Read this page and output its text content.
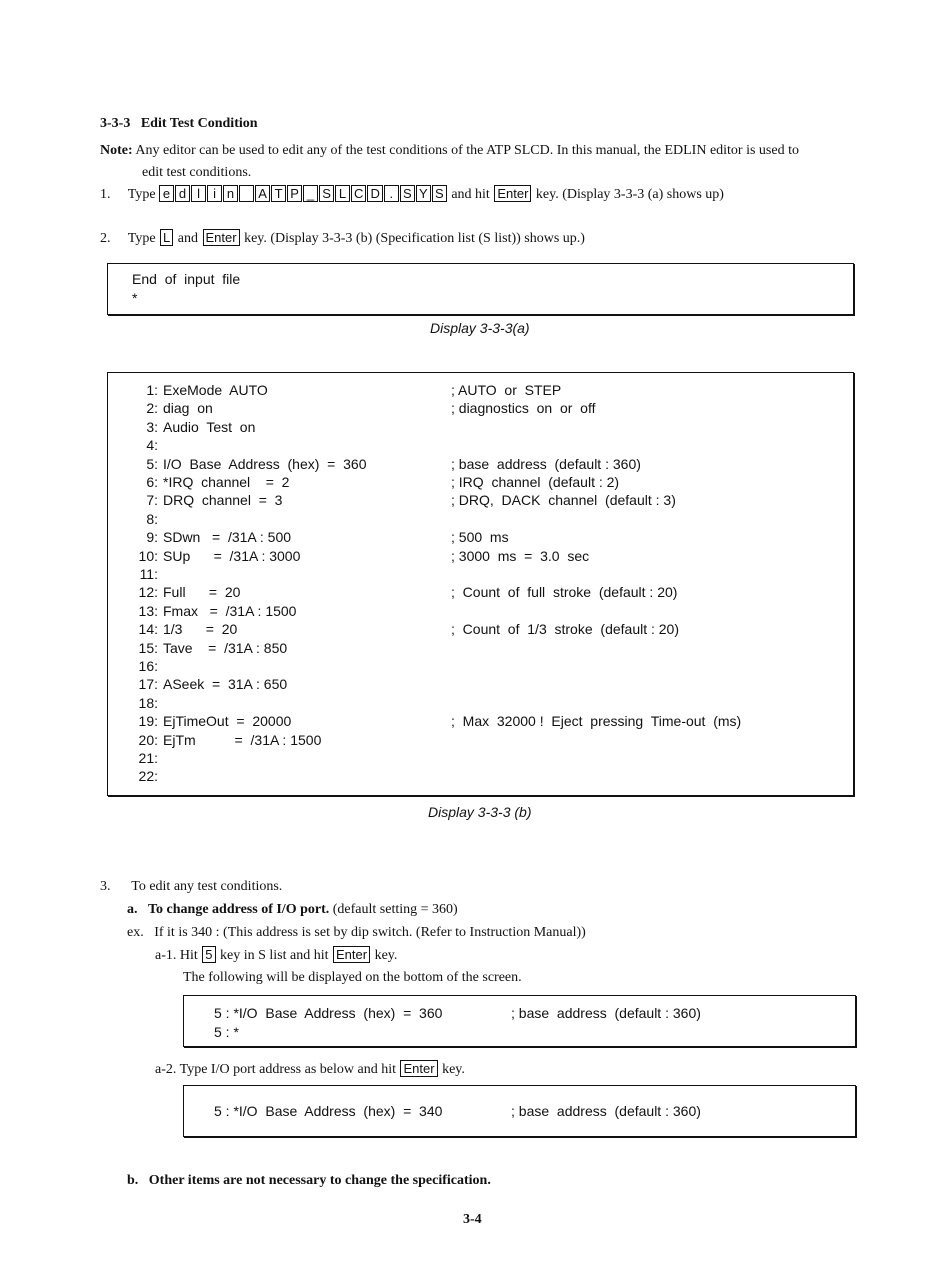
3-3-3 Edit Test Condition
Note: Any editor can be used to edit any of the test conditions of the ATP SLCD. In this manual, the EDLIN editor is used to
edit test conditions.
1. Type e d l i n A T P _ S L C D . S Y S and hit Enter key. (Display 3-3-3 (a) shows up)
2. Type L and Enter key. (Display 3-3-3 (b) (Specification list (S list)) shows up.)
End  of  input  file
*
Display 3-3-3(a)
1: ExeMode  AUTO	; AUTO  or  STEP
2: diag  on	; diagnostics  on  or  off
3: Audio  Test  on
4:
5: I/O  Base  Address  (hex)  =  360	; base  address  (default : 360)
6: *IRQ  channel    =  2	; IRQ  channel  (default : 2)
7: DRQ  channel  =  3	; DRQ,  DACK  channel  (default : 3)
8:
9: SDwn   =  /31A : 500	; 500  ms
10: SUp      =  /31A : 3000	; 3000  ms  =  3.0  sec
11:
12: Full      =  20	;  Count  of  full  stroke  (default : 20)
13: Fmax   =  /31A : 1500
14: 1/3      =  20	;  Count  of  1/3  stroke  (default : 20)
15: Tave    =  /31A : 850
16:
17: ASeek  =  31A : 650
18:
19: EjTimeOut  =  20000	;  Max  32000 !  Eject  pressing  Time-out  (ms)
20: EjTm          =  /31A : 1500
21:
22:
Display 3-3-3 (b)
3. To edit any test conditions.
a. To change address of I/O port. (default setting = 360)
ex. If it is 340 : (This address is set by dip switch. (Refer to Instruction Manual))
a-1. Hit 5 key in S list and hit Enter key.
The following will be displayed on the bottom of the screen.
5 : *I/O  Base  Address  (hex)  =  360	; base  address  (default : 360)
5 : *
a-2. Type I/O port address as below and hit Enter key.
5 : *I/O  Base  Address  (hex)  =  340	; base  address  (default : 360)
b. Other items are not necessary to change the specification.
3-4
